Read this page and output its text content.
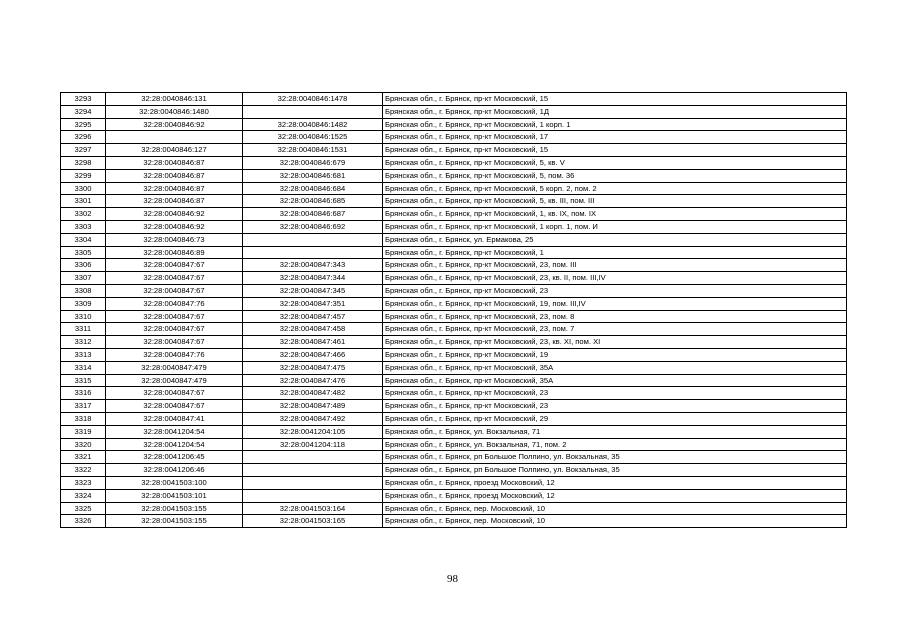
3293	32:28:0040846:131	32:28:0040846:1478	Брянская обл., г. Брянск, пр-кт Московский, 15
3294	32:28:0040846:1480		Брянская обл., г. Брянск, пр-кт Московский, 1Д
3295	32:28:0040846:92	32:28:0040846:1482	Брянская обл., г. Брянск, пр-кт Московский, 1 корп. 1
3296		32:28:0040846:1525	Брянская обл., г. Брянск, пр-кт Московский, 17
3297	32:28:0040846:127	32:28:0040846:1531	Брянская обл., г. Брянск, пр-кт Московский, 15
3298	32:28:0040846:87	32:28:0040846:679	Брянская обл., г. Брянск, пр-кт Московский, 5, кв. V
3299	32:28:0040846:87	32:28:0040846:681	Брянская обл., г. Брянск, пр-кт Московский, 5, пом. 36
3300	32:28:0040846:87	32:28:0040846:684	Брянская обл., г. Брянск, пр-кт Московский, 5 корп. 2, пом. 2
3301	32:28:0040846:87	32:28:0040846:685	Брянская обл., г. Брянск, пр-кт Московский, 5, кв. III, пом. III
3302	32:28:0040846:92	32:28:0040846:687	Брянская обл., г. Брянск, пр-кт Московский, 1, кв. IX, пом. IX
3303	32:28:0040846:92	32:28:0040846:692	Брянская обл., г. Брянск, пр-кт Московский, 1 корп. 1, пом. И
3304	32:28:0040846:73		Брянская обл., г. Брянск, ул. Ермакова, 25
3305	32:28:0040846:89		Брянская обл., г. Брянск, пр-кт Московский, 1
3306	32:28:0040847:67	32:28:0040847:343	Брянская обл., г. Брянск, пр-кт Московский, 23, пом. III
3307	32:28:0040847:67	32:28:0040847:344	Брянская обл., г. Брянск, пр-кт Московский, 23, кв. II, пом. III,IV
3308	32:28:0040847:67	32:28:0040847:345	Брянская обл., г. Брянск, пр-кт Московский, 23
3309	32:28:0040847:76	32:28:0040847:351	Брянская обл., г. Брянск, пр-кт Московский, 19, пом. III,IV
3310	32:28:0040847:67	32:28:0040847:457	Брянская обл., г. Брянск, пр-кт Московский, 23, пом. 8
3311	32:28:0040847:67	32:28:0040847:458	Брянская обл., г. Брянск, пр-кт Московский, 23, пом. 7
3312	32:28:0040847:67	32:28:0040847:461	Брянская обл., г. Брянск, пр-кт Московский, 23, кв. XI, пом. XI
3313	32:28:0040847:76	32:28:0040847:466	Брянская обл., г. Брянск, пр-кт Московский, 19
3314	32:28:0040847:479	32:28:0040847:475	Брянская обл., г. Брянск, пр-кт Московский, 35А
3315	32:28:0040847:479	32:28:0040847:476	Брянская обл., г. Брянск, пр-кт Московский, 35А
3316	32:28:0040847:67	32:28:0040847:482	Брянская обл., г. Брянск, пр-кт Московский, 23
3317	32:28:0040847:67	32:28:0040847:489	Брянская обл., г. Брянск, пр-кт Московский, 23
3318	32:28:0040847:41	32:28:0040847:492	Брянская обл., г. Брянск, пр-кт Московский, 29
3319	32:28:0041204:54	32:28:0041204:105	Брянская обл., г. Брянск, ул. Вокзальная, 71
3320	32:28:0041204:54	32:28:0041204:118	Брянская обл., г. Брянск, ул. Вокзальная, 71, пом. 2
3321	32:28:0041206:45		Брянская обл., г. Брянск, рп Большое Полпино, ул. Вокзальная, 35
3322	32:28:0041206:46		Брянская обл., г. Брянск, рп Большое Полпино, ул. Вокзальная, 35
3323	32:28:0041503:100		Брянская обл., г. Брянск, проезд Московский, 12
3324	32:28:0041503:101		Брянская обл., г. Брянск, проезд Московский, 12
3325	32:28:0041503:155	32:28:0041503:164	Брянская обл., г. Брянск, пер. Московский, 10
3326	32:28:0041503:155	32:28:0041503:165	Брянская обл., г. Брянск, пер. Московский, 10
98
